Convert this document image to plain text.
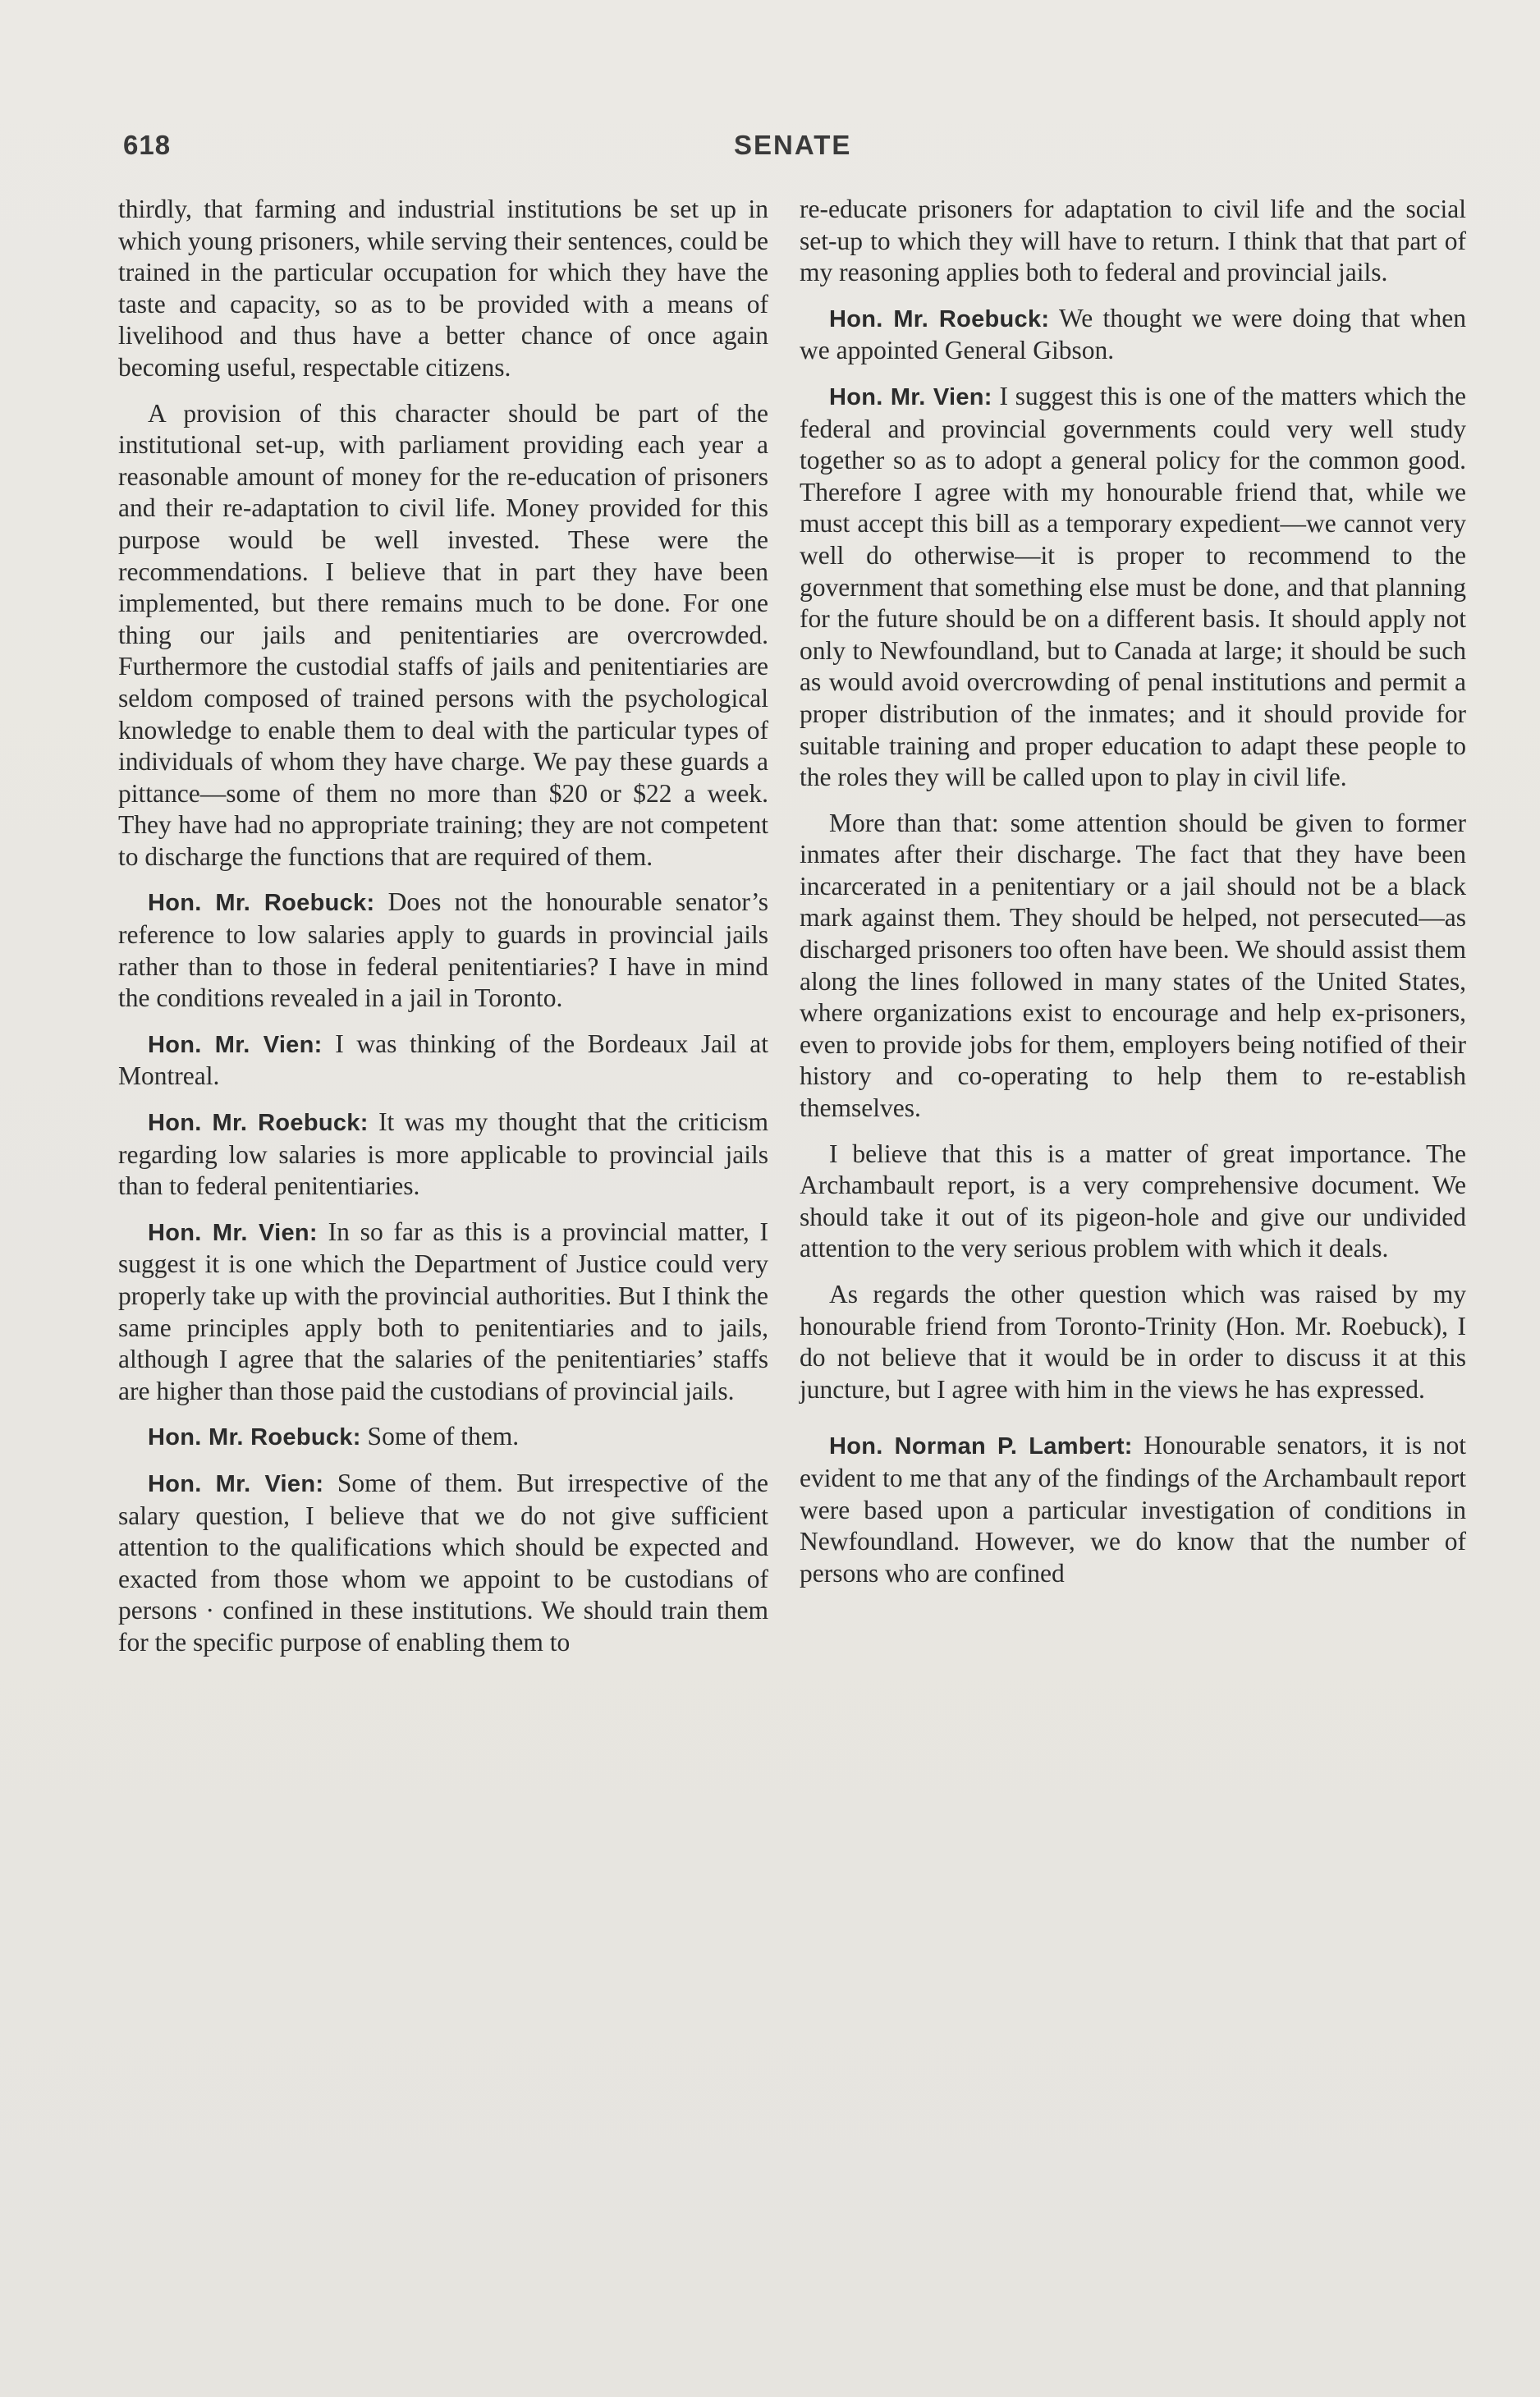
618	SENATE

thirdly, that farming and industrial institutions be set up in which young prisoners, while serving their sentences, could be trained in the particular occupation for which they have the taste and capacity, so as to be provided with a means of livelihood and thus have a better chance of once again becoming useful, respectable citizens.

A provision of this character should be part of the institutional set-up, with parliament providing each year a reasonable amount of money for the re-education of prisoners and their re-adaptation to civil life. Money provided for this purpose would be well invested. These were the recommendations. I believe that in part they have been implemented, but there remains much to be done. For one thing our jails and penitentiaries are overcrowded. Furthermore the custodial staffs of jails and penitentiaries are seldom composed of trained persons with the psychological knowledge to enable them to deal with the particular types of individuals of whom they have charge. We pay these guards a pittance—some of them no more than $20 or $22 a week. They have had no appropriate training; they are not competent to discharge the functions that are required of them.

Hon. Mr. Roebuck: Does not the honourable senator’s reference to low salaries apply to guards in provincial jails rather than to those in federal penitentiaries? I have in mind the conditions revealed in a jail in Toronto.

Hon. Mr. Vien: I was thinking of the Bordeaux Jail at Montreal.

Hon. Mr. Roebuck: It was my thought that the criticism regarding low salaries is more applicable to provincial jails than to federal penitentiaries.

Hon. Mr. Vien: In so far as this is a provincial matter, I suggest it is one which the Department of Justice could very properly take up with the provincial authorities. But I think the same principles apply both to penitentiaries and to jails, although I agree that the salaries of the penitentiaries’ staffs are higher than those paid the custodians of provincial jails.

Hon. Mr. Roebuck: Some of them.

Hon. Mr. Vien: Some of them. But irrespective of the salary question, I believe that we do not give sufficient attention to the qualifications which should be expected and exacted from those whom we appoint to be custodians of persons · confined in these institutions. We should train them for the specific purpose of enabling them to

re-educate prisoners for adaptation to civil life and the social set-up to which they will have to return. I think that that part of my reasoning applies both to federal and provincial jails.

Hon. Mr. Roebuck: We thought we were doing that when we appointed General Gibson.

Hon. Mr. Vien: I suggest this is one of the matters which the federal and provincial governments could very well study together so as to adopt a general policy for the common good. Therefore I agree with my honourable friend that, while we must accept this bill as a temporary expedient—we cannot very well do otherwise—it is proper to recommend to the government that something else must be done, and that planning for the future should be on a different basis. It should apply not only to Newfoundland, but to Canada at large; it should be such as would avoid overcrowding of penal institutions and permit a proper distribution of the inmates; and it should provide for suitable training and proper education to adapt these people to the roles they will be called upon to play in civil life.

More than that: some attention should be given to former inmates after their discharge. The fact that they have been incarcerated in a penitentiary or a jail should not be a black mark against them. They should be helped, not persecuted—as discharged prisoners too often have been. We should assist them along the lines followed in many states of the United States, where organizations exist to encourage and help ex-prisoners, even to provide jobs for them, employers being notified of their history and co-operating to help them to re-establish themselves.

I believe that this is a matter of great importance. The Archambault report, is a very comprehensive document. We should take it out of its pigeon-hole and give our undivided attention to the very serious problem with which it deals.

As regards the other question which was raised by my honourable friend from Toronto-Trinity (Hon. Mr. Roebuck), I do not believe that it would be in order to discuss it at this juncture, but I agree with him in the views he has expressed.

Hon. Norman P. Lambert: Honourable senators, it is not evident to me that any of the findings of the Archambault report were based upon a particular investigation of conditions in Newfoundland. However, we do know that the number of persons who are confined
